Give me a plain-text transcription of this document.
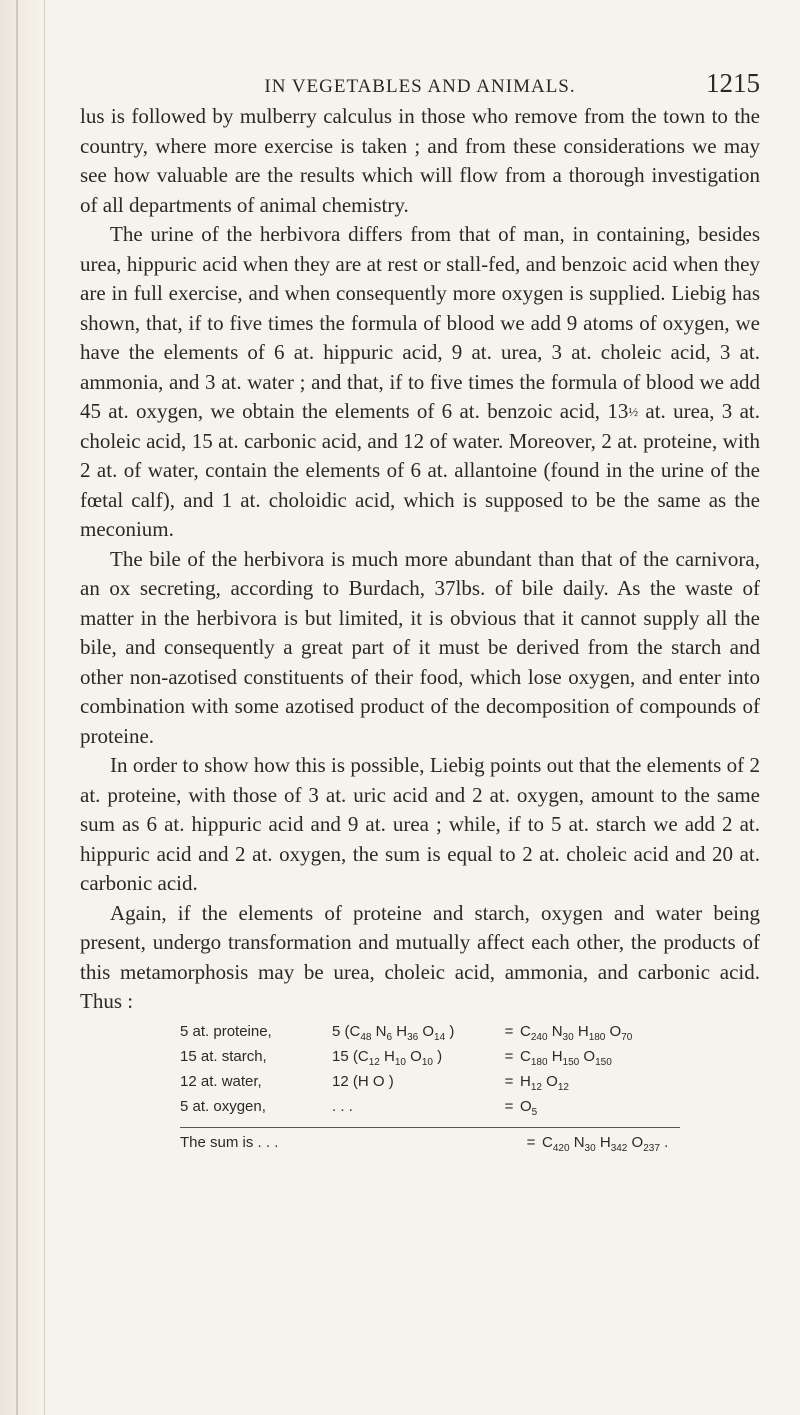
IN VEGETABLES AND ANIMALS.	1215

lus is followed by mulberry calculus in those who remove from the town to the country, where more exercise is taken ; and from these considerations we may see how valuable are the results which will flow from a thorough investigation of all departments of animal chemistry.

The urine of the herbivora differs from that of man, in containing, besides urea, hippuric acid when they are at rest or stall-fed, and benzoic acid when they are in full exercise, and when consequently more oxygen is supplied. Liebig has shown, that, if to five times the formula of blood we add 9 atoms of oxygen, we have the elements of 6 at. hippuric acid, 9 at. urea, 3 at. choleic acid, 3 at. ammonia, and 3 at. water ; and that, if to five times the formula of blood we add 45 at. oxygen, we obtain the elements of 6 at. benzoic acid, 13½ at. urea, 3 at. choleic acid, 15 at. carbonic acid, and 12 of water. Moreover, 2 at. proteine, with 2 at. of water, contain the elements of 6 at. allantoine (found in the urine of the fœtal calf), and 1 at. choloidic acid, which is supposed to be the same as the meconium.

The bile of the herbivora is much more abundant than that of the carnivora, an ox secreting, according to Burdach, 37lbs. of bile daily. As the waste of matter in the herbivora is but limited, it is obvious that it cannot supply all the bile, and consequently a great part of it must be derived from the starch and other non-azotised constituents of their food, which lose oxygen, and enter into combination with some azotised product of the decomposition of compounds of proteine.

In order to show how this is possible, Liebig points out that the elements of 2 at. proteine, with those of 3 at. uric acid and 2 at. oxygen, amount to the same sum as 6 at. hippuric acid and 9 at. urea ; while, if to 5 at. starch we add 2 at. hippuric acid and 2 at. oxygen, the sum is equal to 2 at. choleic acid and 20 at. carbonic acid.

Again, if the elements of proteine and starch, oxygen and water being present, undergo transformation and mutually affect each other, the products of this metamorphosis may be urea, choleic acid, ammonia, and carbonic acid. Thus :

5 at. proteine,	5 ($C_{48}$ $N_6$ $H_{36}$ $O_{14}$ )	= $C_{240}$ $N_{30}$ $H_{180}$ $O_{70}$
15 at. starch,	15 ($C_{12}$ $H_{10}$ $O_{10}$ )	= $C_{180}$ $H_{150}$ $O_{150}$
12 at. water,	12 (H O )	= $H_{12}$ $O_{12}$
5 at. oxygen,	. . .	= $O_5$
The sum is . . .	= $C_{420}$ $N_{30}$ $H_{342}$ $O_{237}$ .
